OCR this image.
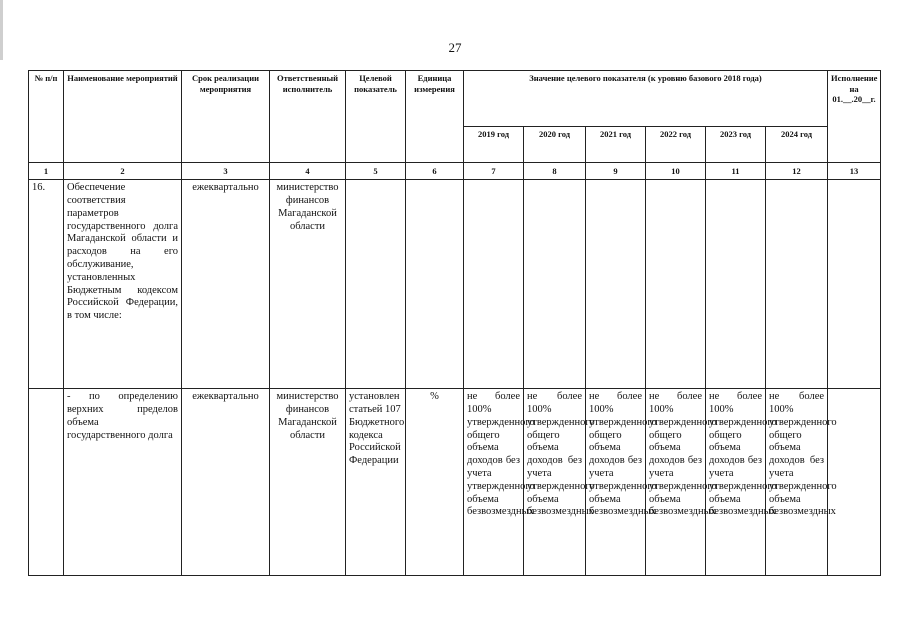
27
№ п/п	Наименование мероприятий	Срок реализации мероприятия	Ответственный исполнитель	Целевой показатель	Единица измерения	Значение целевого показателя (к уровню базового 2018 года)						Исполнение на 01.__.20__г.
						2019 год	2020 год	2021 год	2022 год	2023 год	2024 год	
1	2	3	4	5	6	7	8	9	10	11	12	13
16.	Обеспечение соответствия параметров государственного долга Магаданской области и расходов на его обслуживание, установленных Бюджетным кодексом Российской Федерации, в том числе:	ежеквартально	министерство финансов Магаданской области									
	- по определению верхних пределов объема государственного долга	ежеквартально	министерство финансов Магаданской области	установлен статьей 107 Бюджетного кодекса Российской Федерации	%	не более 100% утвержденного общего объема доходов без учета утвержденного объема безвозмездных	не более 100% утвержденного общего объема доходов без учета утвержденного объема безвозмездных	не более 100% утвержденного общего объема доходов без учета утвержденного объема безвозмездных	не более 100% утвержденного общего объема доходов без учета утвержденного объема безвозмездных	не более 100% утвержденного общего объема доходов без учета утвержденного объема безвозмездных	не более 100% утвержденного общего объема доходов без учета утвержденного объема безвозмездных	
